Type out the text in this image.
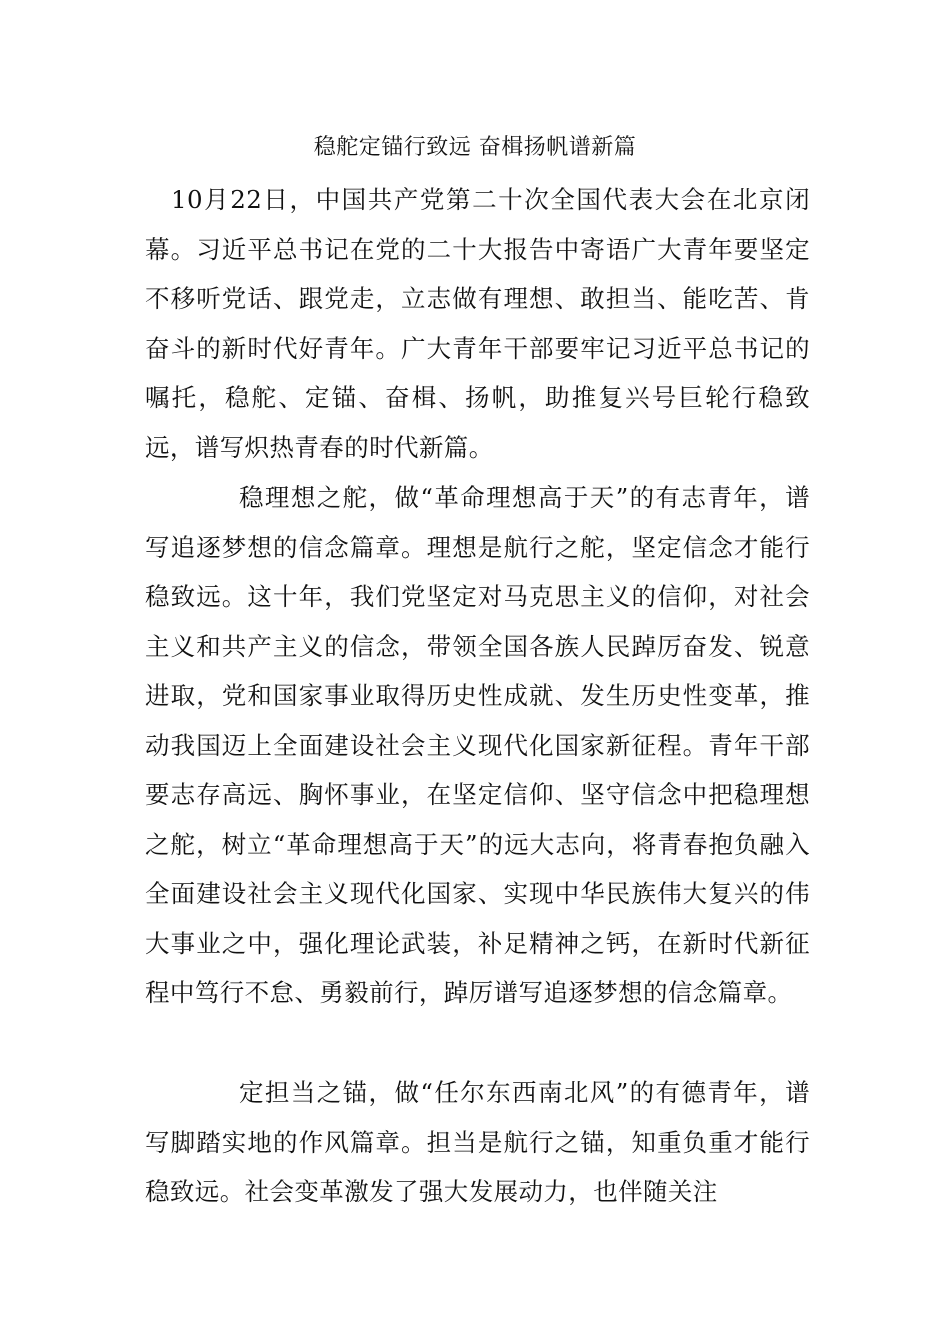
稳舵定锚行致远 奋楫扬帆谱新篇
10月22日，中国共产党第二十次全国代表大会在北京闭幕。习近平总书记在党的二十大报告中寄语广大青年要坚定不移听党话、跟党走，立志做有理想、敢担当、能吃苦、肯奋斗的新时代好青年。广大青年干部要牢记习近平总书记的嘱托，稳舵、定锚、奋楫、扬帆，助推复兴号巨轮行稳致远，谱写炽热青春的时代新篇。
稳理想之舵，做“革命理想高于天”的有志青年，谱写追逐梦想的信念篇章。理想是航行之舵，坚定信念才能行稳致远。这十年，我们党坚定对马克思主义的信仰，对社会主义和共产主义的信念，带领全国各族人民踔厉奋发、锐意进取，党和国家事业取得历史性成就、发生历史性变革，推动我国迈上全面建设社会主义现代化国家新征程。青年干部要志存高远、胸怀事业，在坚定信仰、坚守信念中把稳理想之舵，树立“革命理想高于天”的远大志向，将青春抱负融入全面建设社会主义现代化国家、实现中华民族伟大复兴的伟大事业之中，强化理论武装，补足精神之钙，在新时代新征程中笃行不怠、勇毅前行，踔厉谱写追逐梦想的信念篇章。
定担当之锚，做“任尔东西南北风”的有德青年，谱写脚踏实地的作风篇章。担当是航行之锚，知重负重才能行稳致远。社会变革激发了强大发展动力，也伴随关注
